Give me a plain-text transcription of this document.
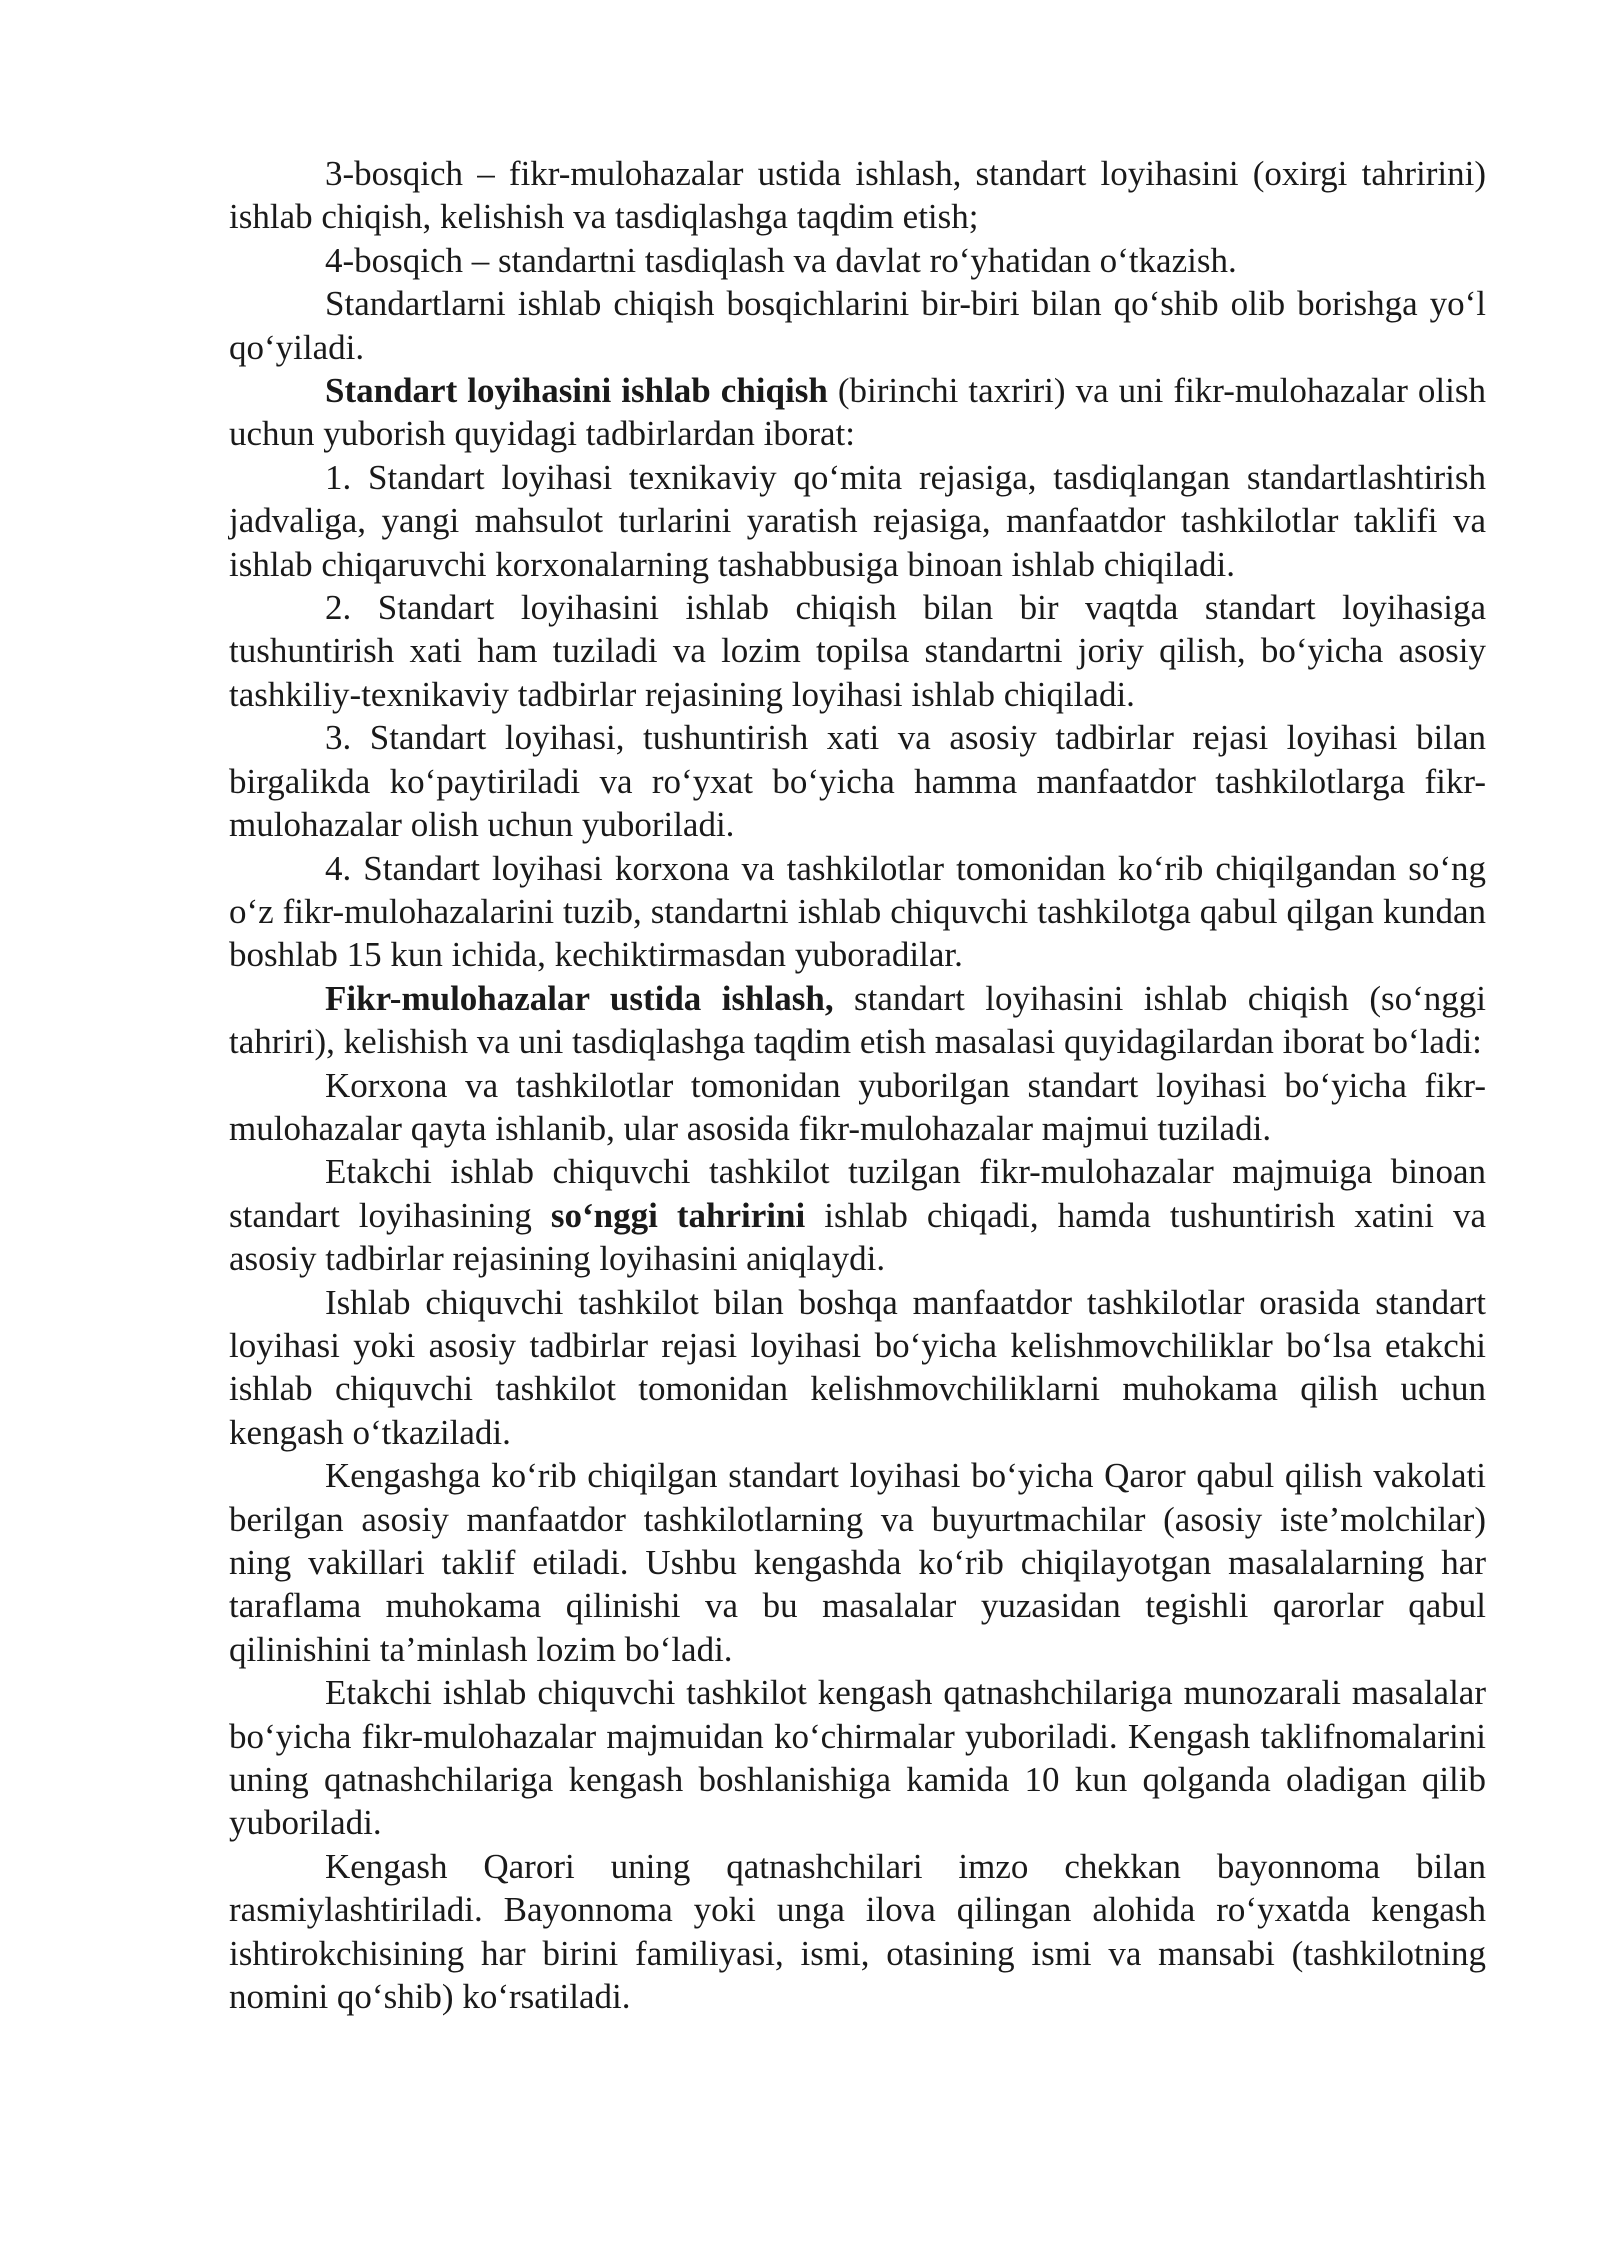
3-bosqich – fikr-mulohazalar ustida ishlash, standart loyihasini (oxirgi tahririni) ishlab chiqish, kelishish va tasdiqlashga taqdim etish;

4-bosqich – standartni tasdiqlash va davlat ro‘yhatidan o‘tkazish.

Standartlarni ishlab chiqish bosqichlarini bir-biri bilan qo‘shib olib borishga yo‘l qo‘yiladi.

Standart loyihasini ishlab chiqish (birinchi taxriri) va uni fikr-mulohazalar olish uchun yuborish quyidagi tadbirlardan iborat:

1. Standart loyihasi texnikaviy qo‘mita rejasiga, tasdiqlangan standartlashtirish jadvaliga, yangi mahsulot turlarini yaratish rejasiga, manfaatdor tashkilotlar taklifi va ishlab chiqaruvchi korxonalarning tashabbusiga binoan ishlab chiqiladi.

2. Standart loyihasini ishlab chiqish bilan bir vaqtda standart loyihasiga tushuntirish xati ham tuziladi va lozim topilsa standartni joriy qilish, bo‘yicha asosiy tashkiliy-texnikaviy tadbirlar rejasining loyihasi ishlab chiqiladi.

3. Standart loyihasi, tushuntirish xati va asosiy tadbirlar rejasi loyihasi bilan birgalikda ko‘paytiriladi va ro‘yxat bo‘yicha hamma manfaatdor tashkilotlarga fikr-mulohazalar olish uchun yuboriladi.

4. Standart loyihasi korxona va tashkilotlar tomonidan ko‘rib chiqilgandan so‘ng o‘z fikr-mulohazalarini tuzib, standartni ishlab chiquvchi tashkilotga qabul qilgan kundan boshlab 15 kun ichida, kechiktirmasdan yuboradilar.

Fikr-mulohazalar ustida ishlash, standart loyihasini ishlab chiqish (so‘nggi tahriri), kelishish va uni tasdiqlashga taqdim etish masalasi quyidagilardan iborat bo‘ladi:

Korxona va tashkilotlar tomonidan yuborilgan standart loyihasi bo‘yicha fikr-mulohazalar qayta ishlanib, ular asosida fikr-mulohazalar majmui tuziladi.

Etakchi ishlab chiquvchi tashkilot tuzilgan fikr-mulohazalar majmuiga binoan standart loyihasining so‘nggi tahririni ishlab chiqadi, hamda tushuntirish xatini va asosiy tadbirlar rejasining loyihasini aniqlaydi.

Ishlab chiquvchi tashkilot bilan boshqa manfaatdor tashkilotlar orasida standart loyihasi yoki asosiy tadbirlar rejasi loyihasi bo‘yicha kelishmovchiliklar bo‘lsa etakchi ishlab chiquvchi tashkilot tomonidan kelishmovchiliklarni muhokama qilish uchun kengash o‘tkaziladi.

Kengashga ko‘rib chiqilgan standart loyihasi bo‘yicha Qaror qabul qilish vakolati berilgan asosiy manfaatdor tashkilotlarning va buyurtmachilar (asosiy iste’molchilar) ning vakillari taklif etiladi. Ushbu kengashda ko‘rib chiqilayotgan masalalarning har taraflama muhokama qilinishi va bu masalalar yuzasidan tegishli qarorlar qabul qilinishini ta’minlash lozim bo‘ladi.

Etakchi ishlab chiquvchi tashkilot kengash qatnashchilariga munozarali masalalar bo‘yicha fikr-mulohazalar majmuidan ko‘chirmalar yuboriladi. Kengash taklifnomalarini uning qatnashchilariga kengash boshlanishiga kamida 10 kun qolganda oladigan qilib yuboriladi.

Kengash Qarori uning qatnashchilari imzo chekkan bayonnoma bilan rasmiylashtiriladi. Bayonnoma yoki unga ilova qilingan alohida ro‘yxatda kengash ishtirokchisining har birini familiyasi, ismi, otasining ismi va mansabi (tashkilotning nomini qo‘shib) ko‘rsatiladi.
